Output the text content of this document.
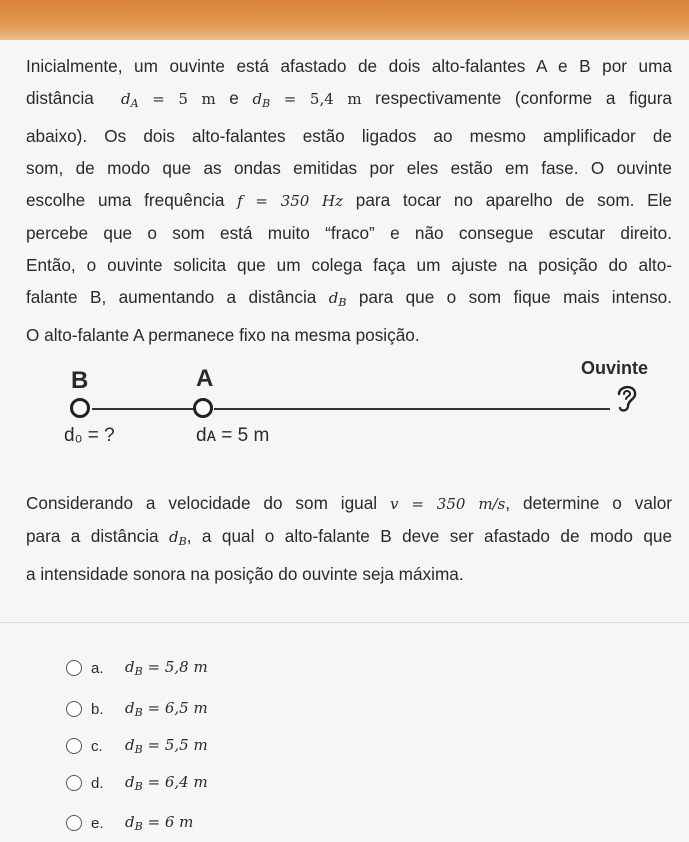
Inicialmente, um ouvinte está afastado de dois alto-falantes A e B por uma
distância $d_A = 5$ m e $d_B = 5,4$ m respectivamente (conforme a figura
abaixo). Os dois alto-falantes estão ligados ao mesmo amplificador de
som, de modo que as ondas emitidas por eles estão em fase. O ouvinte
escolhe uma frequência f = 350 Hz para tocar no aparelho de som. Ele
percebe que o som está muito “fraco” e não consegue escutar direito.
Então, o ouvinte solicita que um colega faça um ajuste na posição do alto-
falante B, aumentando a distância $d_B$ para que o som fique mais intenso.
O alto-falante A permanece fixo na mesma posição.
B	A	Ouvinte
d₀ = ?	dᴀ = 5 m
Considerando a velocidade do som igual v = 350 m/s, determine o valor
para a distância $d_B$, a qual o alto-falante B deve ser afastado de modo que
a intensidade sonora na posição do ouvinte seja máxima.
a.	$d_B = 5,8$ m
b.	$d_B = 6,5$ m
c.	$d_B = 5,5$ m
d.	$d_B = 6,4$ m
e.	$d_B = 6$ m
